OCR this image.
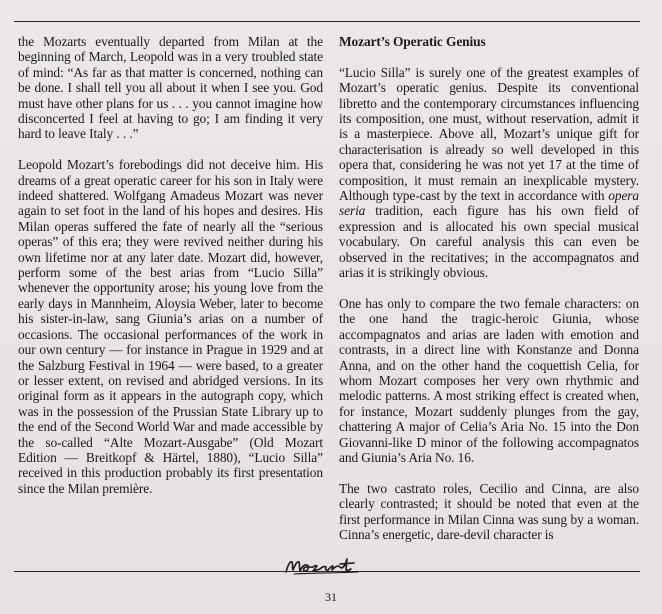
the Mozarts eventually departed from Milan at the beginning of March, Leopold was in a very troubled state of mind: “As far as that matter is concerned, nothing can be done. I shall tell you all about it when I see you. God must have other plans for us . . . you cannot imagine how disconcerted I feel at having to go; I am finding it very hard to leave Italy . . .”

Leopold Mozart’s forebodings did not deceive him. His dreams of a great operatic career for his son in Italy were indeed shattered. Wolfgang Amadeus Mozart was never again to set foot in the land of his hopes and desires. His Milan operas suffered the fate of nearly all the “serious operas” of this era; they were revived neither during his own lifetime nor at any later date. Mozart did, however, perform some of the best arias from “Lucio Silla” whenever the opportunity arose; his young love from the early days in Mannheim, Aloysia Weber, later to become his sister-in-law, sang Giunia’s arias on a number of occasions. The occasional performances of the work in our own century — for instance in Prague in 1929 and at the Salzburg Festival in 1964 — were based, to a greater or lesser extent, on revised and abridged versions. In its original form as it appears in the autograph copy, which was in the possession of the Prussian State Library up to the end of the Second World War and made accessible by the so-called “Alte Mozart-Ausgabe” (Old Mozart Edition — Breitkopf & Härtel, 1880), “Lucio Silla” received in this production probably its first presentation since the Milan première.

Mozart’s Operatic Genius

“Lucio Silla” is surely one of the greatest examples of Mozart’s operatic genius. Despite its conventional libretto and the contemporary circumstances influencing its composition, one must, without reservation, admit it is a masterpiece. Above all, Mozart’s unique gift for characterisation is already so well developed in this opera that, considering he was not yet 17 at the time of composition, it must remain an inexplicable mystery. Although type-cast by the text in accordance with opera seria tradition, each figure has his own field of expression and is allocated his own special musical vocabulary. On careful analysis this can even be observed in the recitatives; in the accompagnatos and arias it is strikingly obvious.

One has only to compare the two female characters: on the one hand the tragic-heroic Giunia, whose accompagnatos and arias are laden with emotion and contrasts, in a direct line with Konstanze and Donna Anna, and on the other hand the coquettish Celia, for whom Mozart composes her very own rhythmic and melodic patterns. A most striking effect is created when, for instance, Mozart suddenly plunges from the gay, chattering A major of Celia’s Aria No. 15 into the Don Giovanni-like D minor of the following accompagnatos and Giunia’s Aria No. 16.

The two castrato roles, Cecilio and Cinna, are also clearly contrasted; it should be noted that even at the first performance in Milan Cinna was sung by a woman. Cinna’s energetic, dare-devil character is

31
